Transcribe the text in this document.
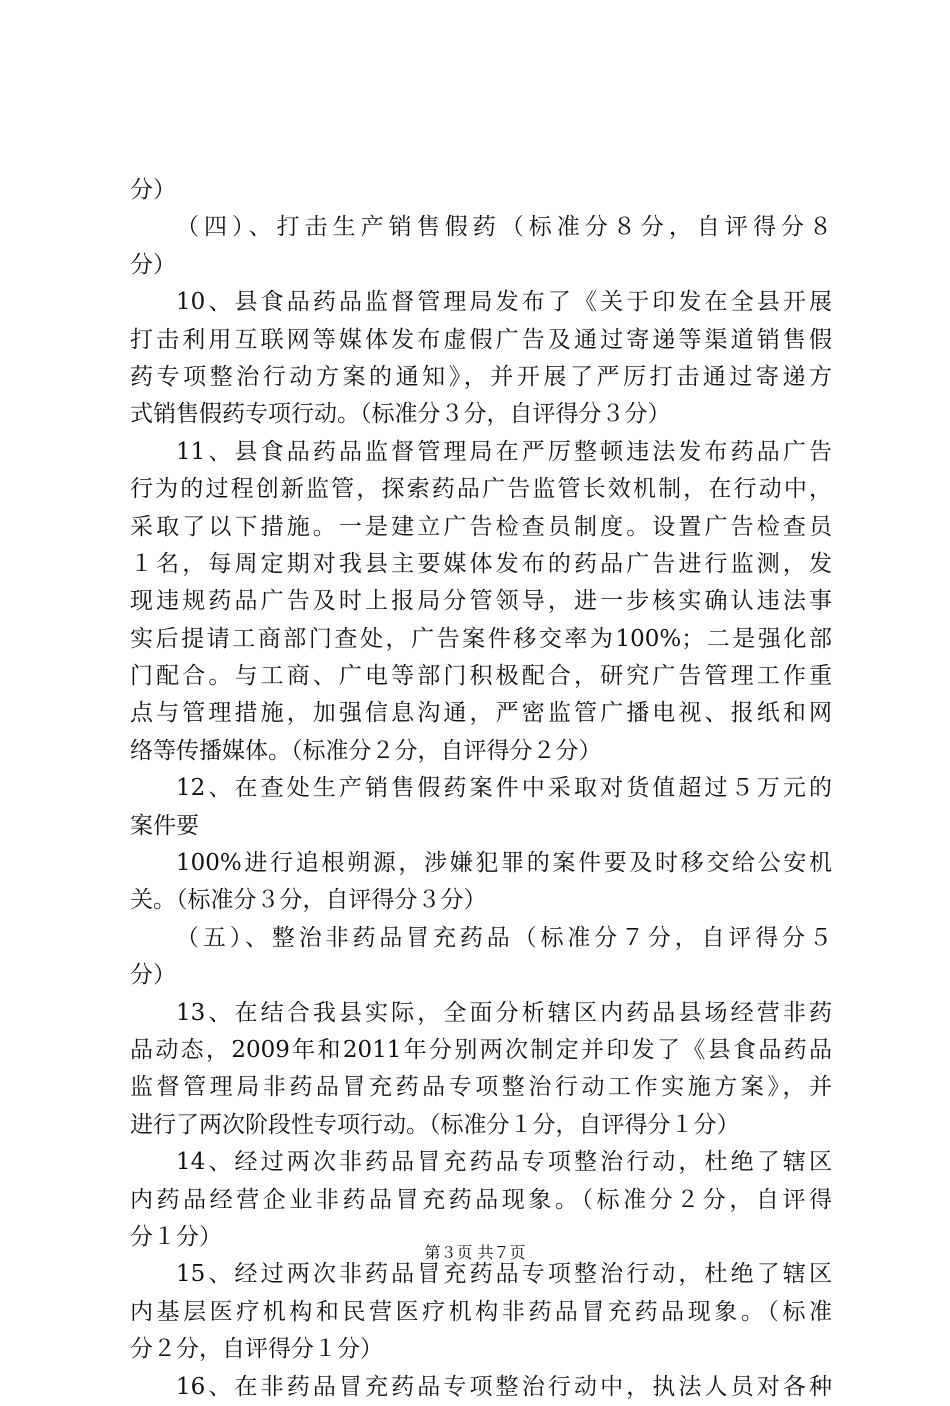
分）
（四）、打击生产销售假药（标准分８分，自评得分８
分）
10、县食品药品监督管理局发布了《关于印发在全县开展
打击利用互联网等媒体发布虚假广告及通过寄递等渠道销售假
药专项整治行动方案的通知》，并开展了严厉打击通过寄递方
式销售假药专项行动。（标准分３分，自评得分３分）
11、县食品药品监督管理局在严厉整顿违法发布药品广告
行为的过程创新监管，探索药品广告监管长效机制，在行动中，
采取了以下措施。一是建立广告检查员制度。设置广告检查员
１名，每周定期对我县主要媒体发布的药品广告进行监测，发
现违规药品广告及时上报局分管领导，进一步核实确认违法事
实后提请工商部门查处，广告案件移交率为100%；二是强化部
门配合。与工商、广电等部门积极配合，研究广告管理工作重
点与管理措施，加强信息沟通，严密监管广播电视、报纸和网
络等传播媒体。（标准分２分，自评得分２分）
12、在查处生产销售假药案件中采取对货值超过５万元的
案件要
100%进行追根朔源，涉嫌犯罪的案件要及时移交给公安机
关。（标准分３分，自评得分３分）
（五）、整治非药品冒充药品（标准分７分，自评得分５
分）
13、在结合我县实际，全面分析辖区内药品县场经营非药
品动态，2009年和2011年分别两次制定并印发了《县食品药品
监督管理局非药品冒充药品专项整治行动工作实施方案》，并
进行了两次阶段性专项行动。（标准分１分，自评得分１分）
14、经过两次非药品冒充药品专项整治行动，杜绝了辖区
内药品经营企业非药品冒充药品现象。（标准分２分，自评得
分１分）
15、经过两次非药品冒充药品专项整治行动，杜绝了辖区
内基层医疗机构和民营医疗机构非药品冒充药品现象。（标准
分２分，自评得分１分）
16、在非药品冒充药品专项整治行动中，执法人员对各种
第３页 共７页
